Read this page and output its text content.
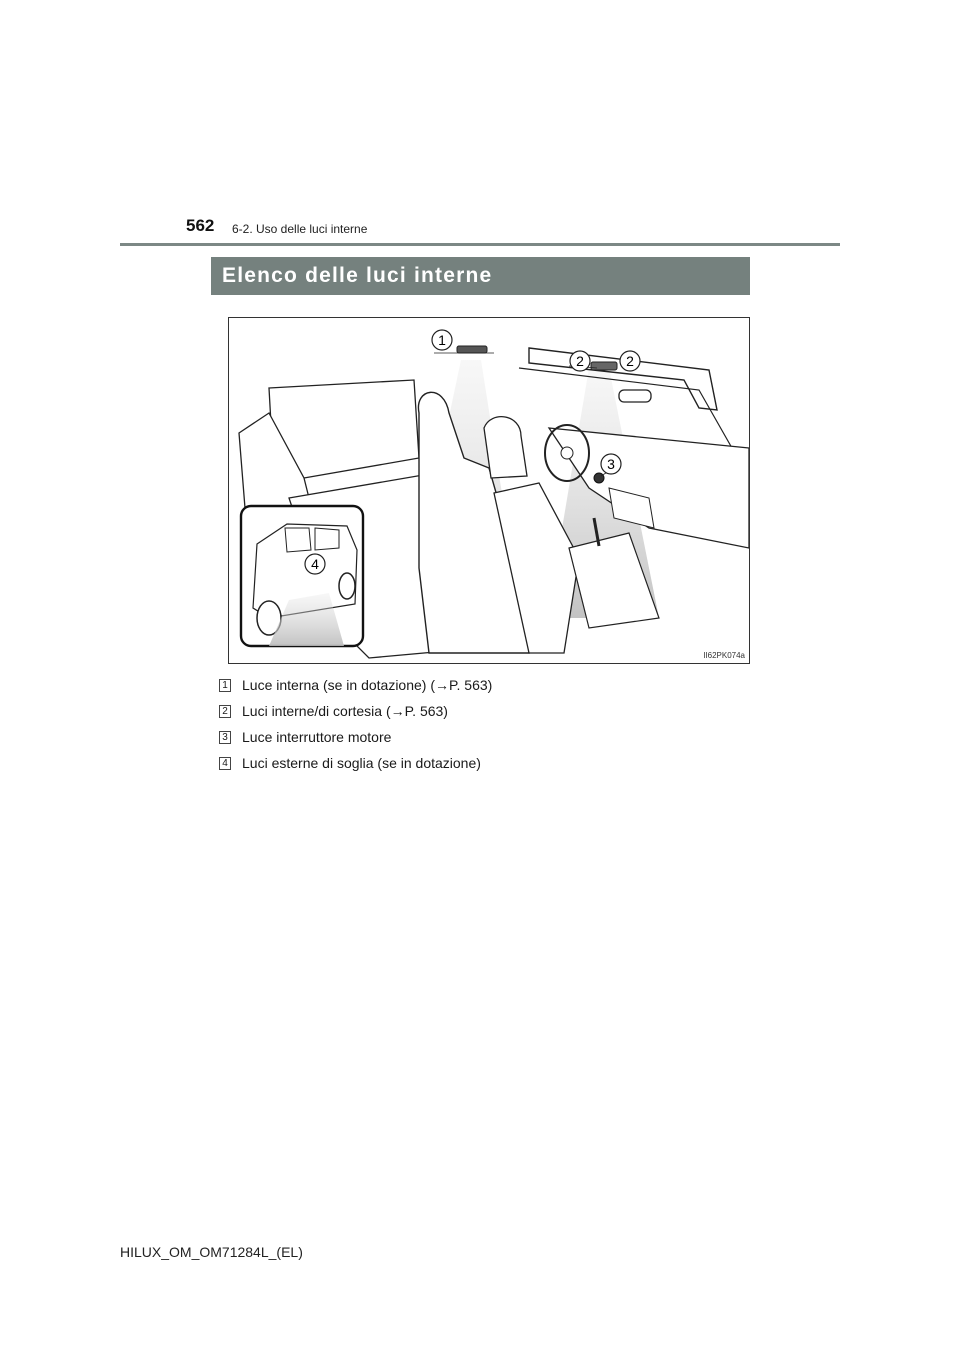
562 6-2. Uso delle luci interne
Elenco delle luci interne
1
2	2
3
4
II62PK074a
1 Luce interna (se in dotazione) (→P. 563)
2 Luci interne/di cortesia (→P. 563)
3 Luce interruttore motore
4 Luci esterne di soglia (se in dotazione)
HILUX_OM_OM71284L_(EL)
